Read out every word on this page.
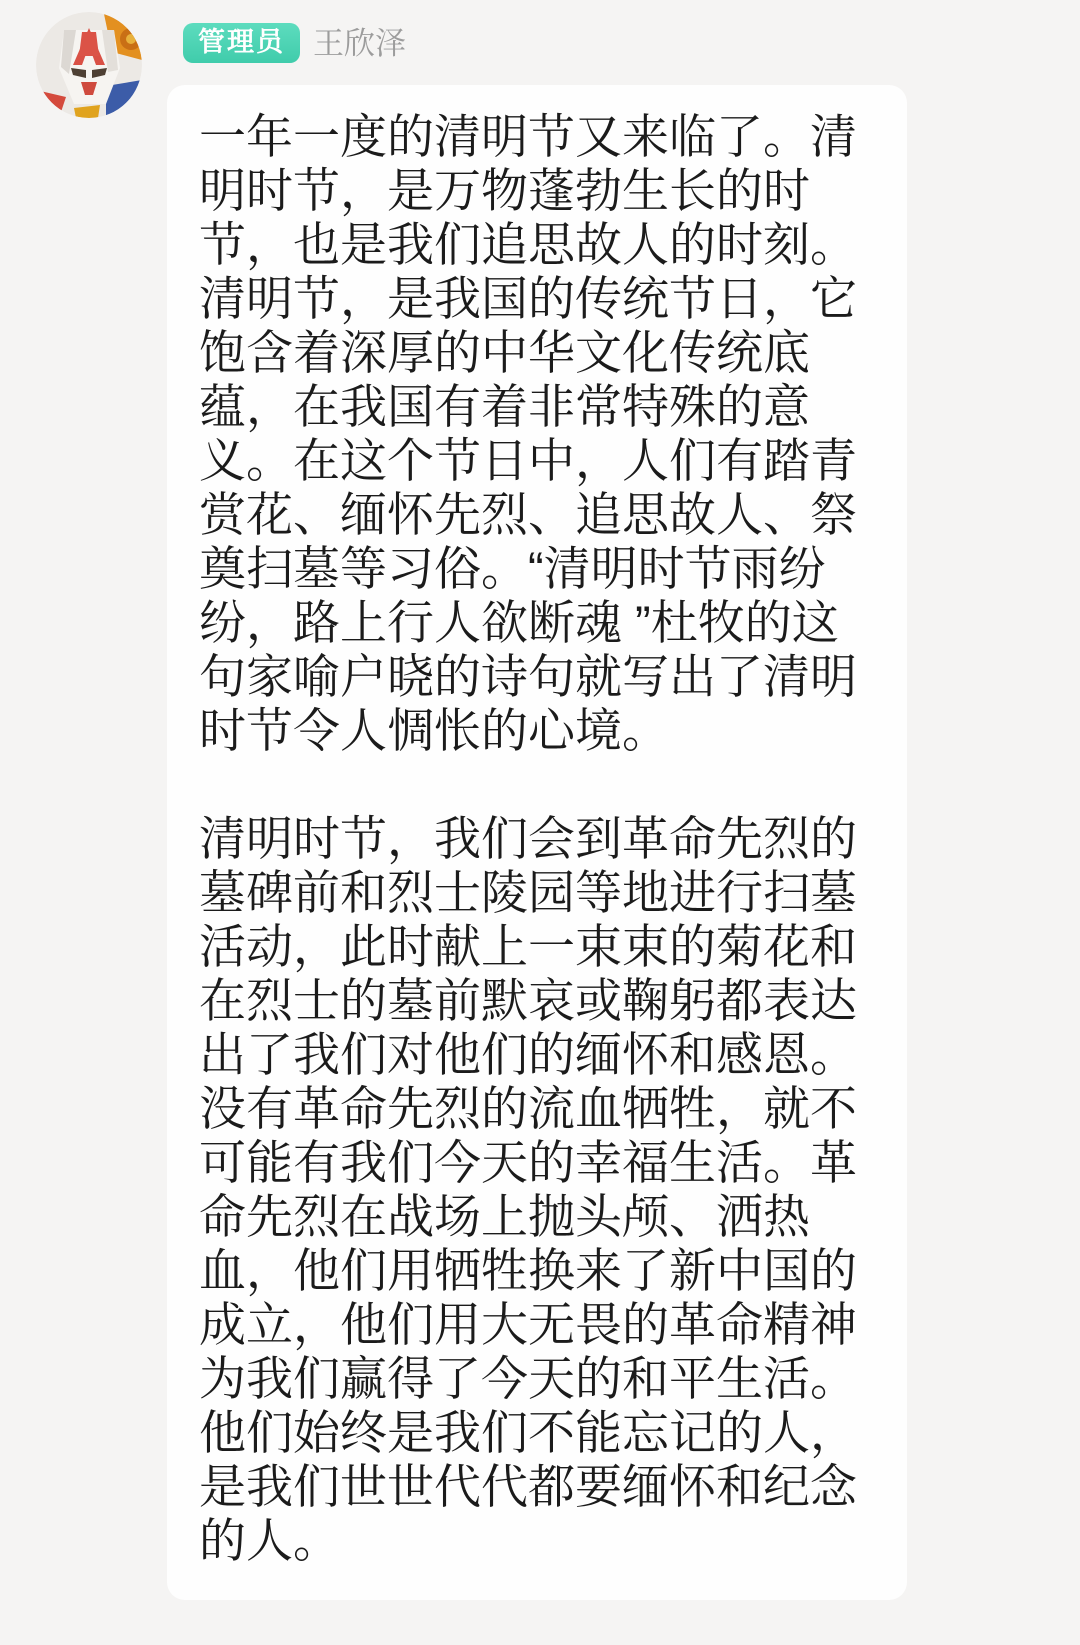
管理员 王欣泽

一年一度的清明节又来临了。清明时节，是万物蓬勃生长的时节，也是我们追思故人的时刻。清明节，是我国的传统节日，它饱含着深厚的中华文化传统底蕴，在我国有着非常特殊的意义。在这个节日中，人们有踏青赏花、缅怀先烈、追思故人、祭奠扫墓等习俗。“清明时节雨纷纷，路上行人欲断魂 ”杜牧的这句家喻户晓的诗句就写出了清明时节令人惆怅的心境。

清明时节，我们会到革命先烈的墓碑前和烈士陵园等地进行扫墓活动，此时献上一束束的菊花和在烈士的墓前默哀或鞠躬都表达出了我们对他们的缅怀和感恩。没有革命先烈的流血牺牲，就不可能有我们今天的幸福生活。革命先烈在战场上抛头颅、洒热血，他们用牺牲换来了新中国的成立，他们用大无畏的革命精神为我们赢得了今天的和平生活。他们始终是我们不能忘记的人，是我们世世代代都要缅怀和纪念的人。
